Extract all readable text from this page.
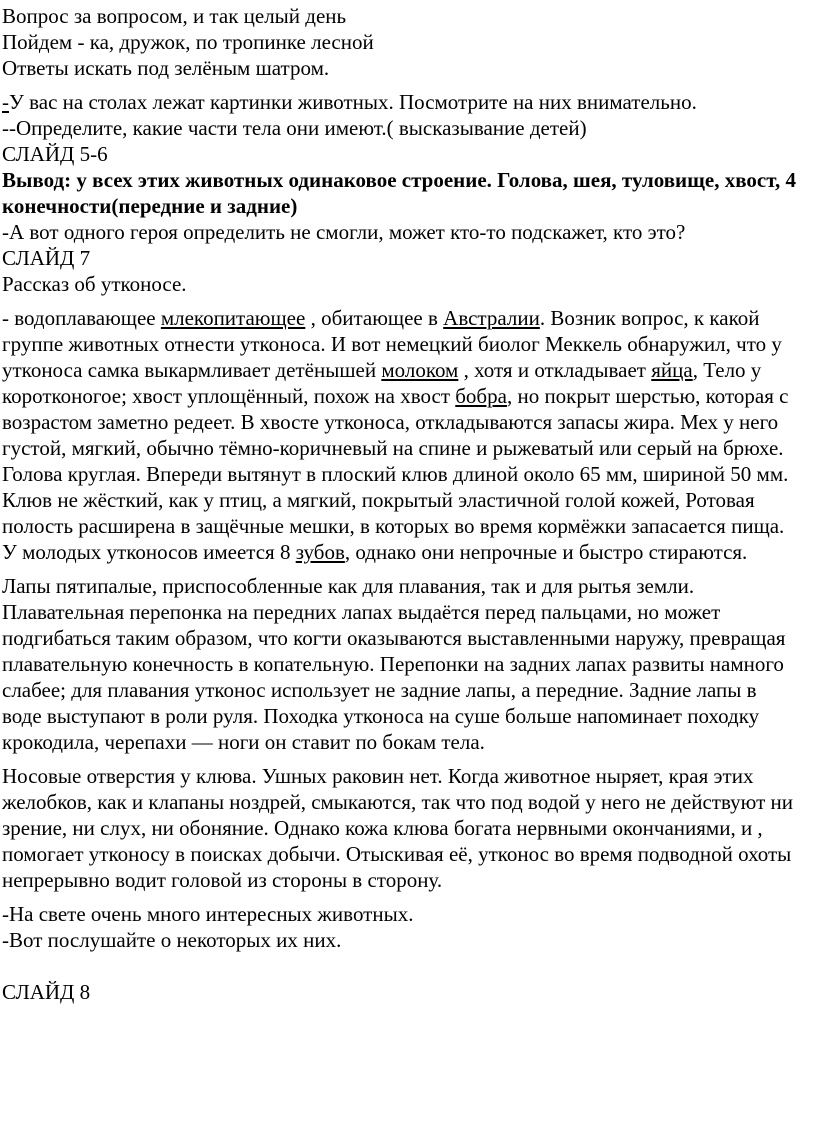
Вопрос за вопросом, и так целый день

Пойдем - ка, дружок, по тропинке лесной

Ответы искать под зелёным шатром.

-У вас на столах лежат картинки животных. Посмотрите на них внимательно.

--Определите, какие части тела они имеют.( высказывание детей)

СЛАЙД 5-6

Вывод: у всех этих животных одинаковое строение. Голова, шея, туловище, хвост, 4 конечности(передние и задние)

-А вот одного героя определить не смогли, может кто-то подскажет, кто это?

СЛАЙД 7

Рассказ об утконосе.

- водоплавающее млекопитающее , обитающее в Австралии. Возник вопрос, к какой группе животных отнести утконоса. И вот немецкий биолог Меккель обнаружил, что у утконоса самка выкармливает детёнышей молоком , хотя и откладывает яйца, Тело у коротконогое; хвост уплощённый, похож на хвост бобра, но покрыт шерстью, которая с возрастом заметно редеет. В хвосте утконоса, откладываются запасы жира. Мех у него густой, мягкий, обычно тёмно-коричневый на спине и рыжеватый или серый на брюхе. Голова круглая. Впереди вытянут в плоский клюв длиной около 65 мм, шириной 50 мм. Клюв не жёсткий, как у птиц, а мягкий, покрытый эластичной голой кожей, Ротовая полость расширена в защёчные мешки, в которых во время кормёжки запасается пища. У молодых утконосов имеется 8 зубов, однако они непрочные и быстро стираются.

Лапы пятипалые, приспособленные как для плавания, так и для рытья земли. Плавательная перепонка на передних лапах выдаётся перед пальцами, но может подгибаться таким образом, что когти оказываются выставленными наружу, превращая плавательную конечность в копательную. Перепонки на задних лапах развиты намного слабее; для плавания утконос использует не задние лапы, а передние. Задние лапы в воде выступают в роли руля. Походка утконоса на суше больше напоминает походку крокодила, черепахи — ноги он ставит по бокам тела.

Носовые отверстия у клюва. Ушных раковин нет. Когда животное ныряет, края этих желобков, как и клапаны ноздрей, смыкаются, так что под водой у него не действуют ни зрение, ни слух, ни обоняние. Однако кожа клюва богата нервными окончаниями, и , помогает утконосу в поисках добычи. Отыскивая её, утконос во время подводной охоты непрерывно водит головой из стороны в сторону.

-На свете очень много интересных животных.

-Вот послушайте о некоторых их них.

СЛАЙД 8
